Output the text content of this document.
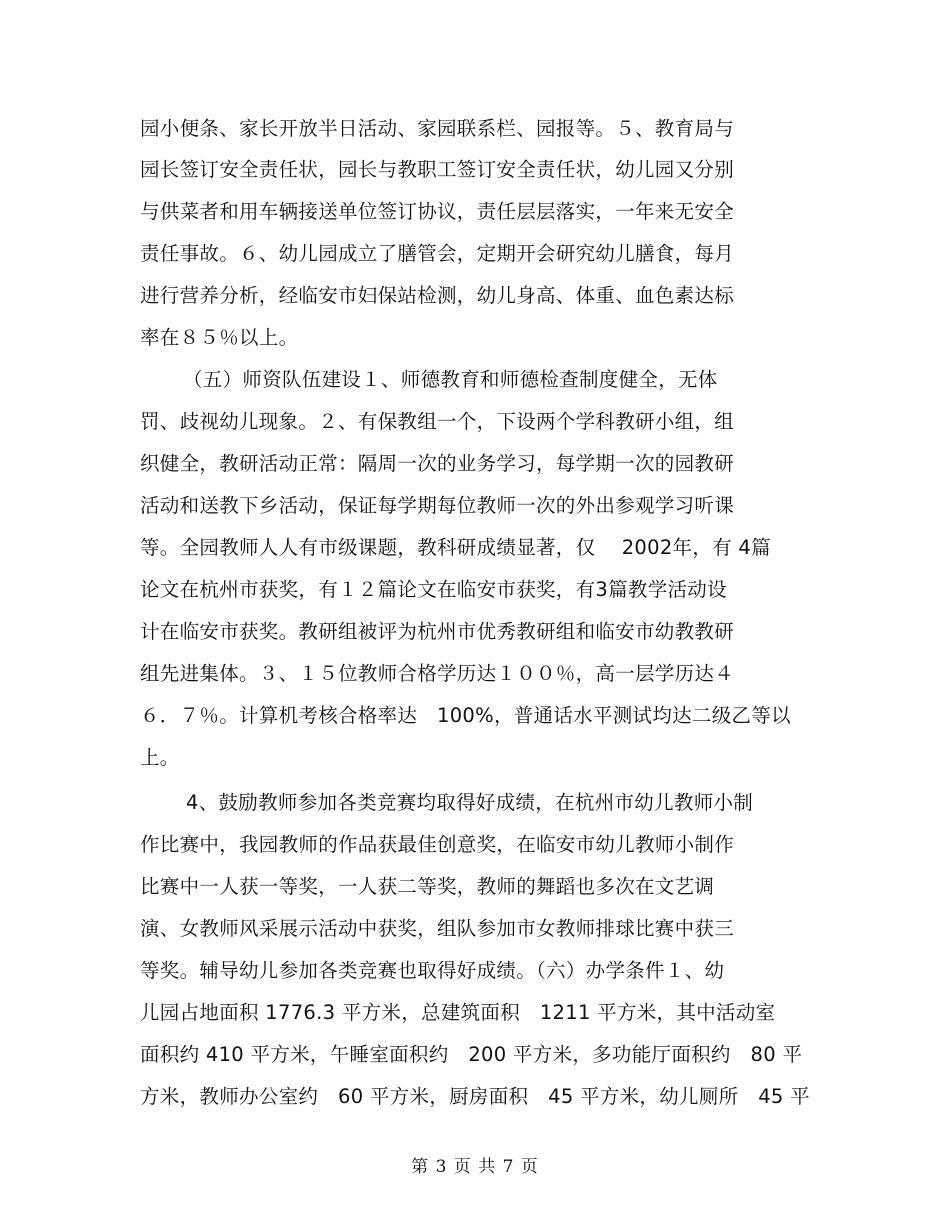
园小便条、家长开放半日活动、家园联系栏、园报等。５、教育局与
园长签订安全责任状，园长与教职工签订安全责任状，幼儿园又分别
与供菜者和用车辆接送单位签订协议，责任层层落实，一年来无安全
责任事故。６、幼儿园成立了膳管会，定期开会研究幼儿膳食，每月
进行营养分析，经临安市妇保站检测，幼儿身高、体重、血色素达标
率在８５％以上。
（五）师资队伍建设１、师德教育和师德检查制度健全，无体
罚、歧视幼儿现象。２、有保教组一个，下设两个学科教研小组，组
织健全，教研活动正常：隔周一次的业务学习，每学期一次的园教研
活动和送教下乡活动，保证每学期每位教师一次的外出参观学习听课
等。全园教师人人有市级课题，教科研成绩显著，仅　 2002年，有 4篇
论文在杭州市获奖，有１２篇论文在临安市获奖，有3篇教学活动设
计在临安市获奖。教研组被评为杭州市优秀教研组和临安市幼教教研
组先进集体。３、１５位教师合格学历达１００％，高一层学历达４
６．７％。计算机考核合格率达　100%，普通话水平测试均达二级乙等以
上。
4、鼓励教师参加各类竞赛均取得好成绩，在杭州市幼儿教师小制
作比赛中，我园教师的作品获最佳创意奖，在临安市幼儿教师小制作
比赛中一人获一等奖，一人获二等奖，教师的舞蹈也多次在文艺调
演、女教师风采展示活动中获奖，组队参加市女教师排球比赛中获三
等奖。辅导幼儿参加各类竞赛也取得好成绩。（六）办学条件１、幼
儿园占地面积 1776.3 平方米，总建筑面积　1211 平方米，其中活动室
面积约 410 平方米，午睡室面积约　200 平方米，多功能厅面积约　80 平
方米，教师办公室约　60 平方米，厨房面积　45 平方米，幼儿厕所　45 平
第 3 页 共 7 页
